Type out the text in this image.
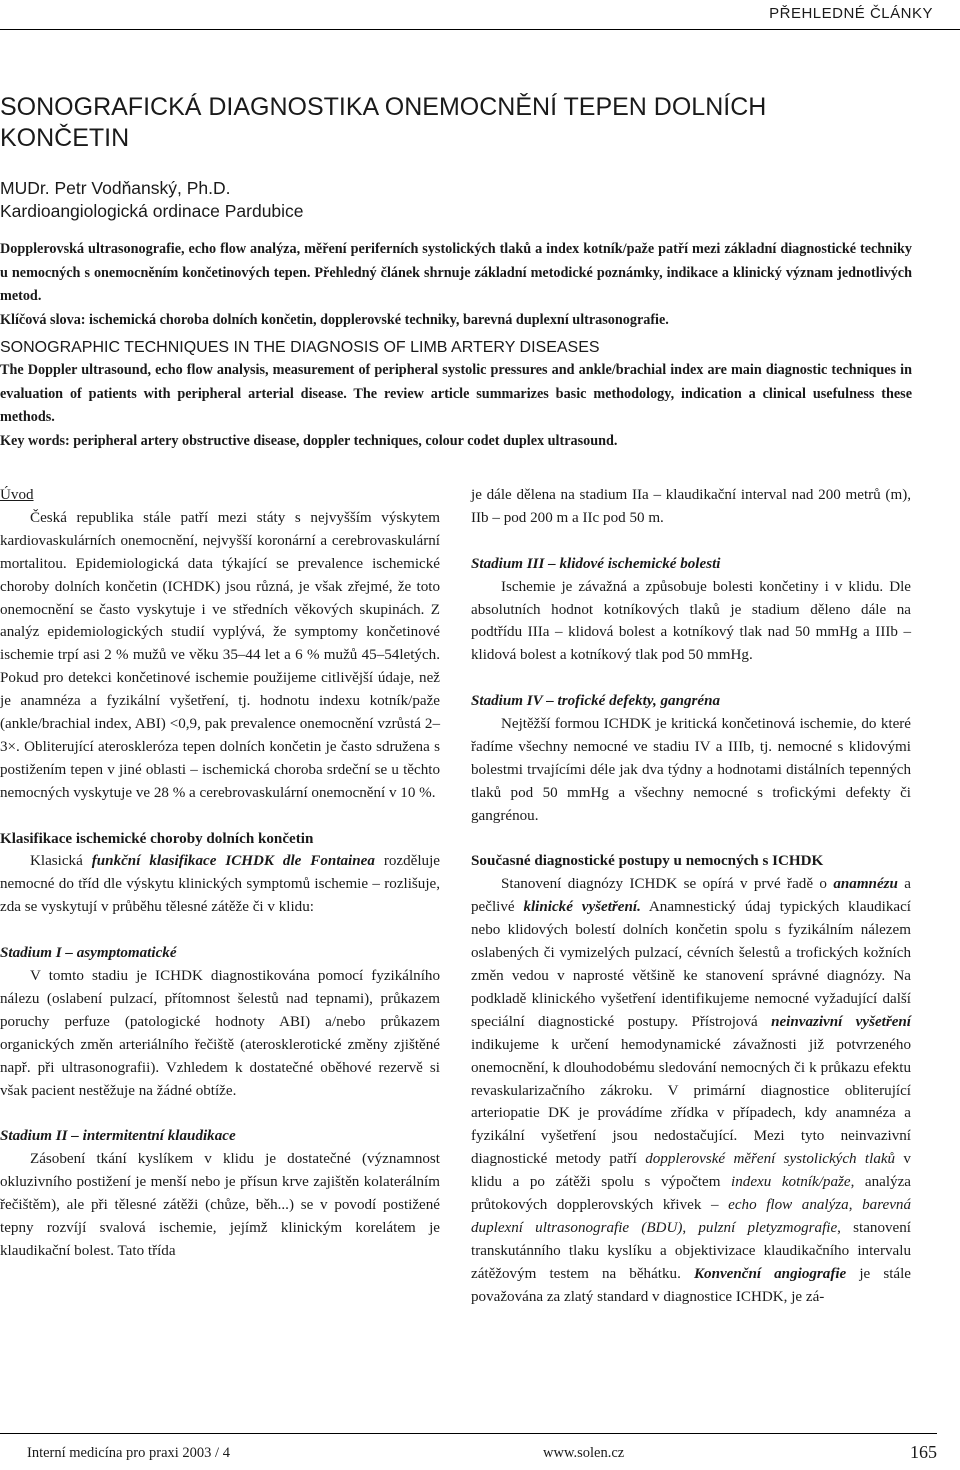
PŘEHLEDNÉ ČLÁNKY
SONOGRAFICKÁ DIAGNOSTIKA ONEMOCNĚNÍ TEPEN DOLNÍCH
KONČETIN
MUDr. Petr Vodňanský, Ph.D.
Kardioangiologická ordinace Pardubice

Dopplerovská ultrasonografie, echo flow analýza, měření periferních systolických tlaků a index kotník/paže patří mezi základní diagnostické techniky u nemocných s onemocněním končetinových tepen. Přehledný článek shrnuje základní metodické poznámky, indikace a klinický význam jednotlivých metod.

Klíčová slova: ischemická choroba dolních končetin, dopplerovské techniky, barevná duplexní ultrasonografie.

SONOGRAPHIC TECHNIQUES IN THE DIAGNOSIS OF LIMB ARTERY DISEASES

The Doppler ultrasound, echo flow analysis, measurement of peripheral systolic pressures and ankle/brachial index are main diagnostic techniques in evaluation of patients with peripheral arterial disease. The review article summarizes basic methodology, indication a clinical usefulness these methods.

Key words: peripheral artery obstructive disease, doppler techniques, colour codet duplex ultrasound.

Úvod

Česká republika stále patří mezi státy s nejvyšším výskytem kardiovaskulárních onemocnění, nejvyšší koronární a cerebrovaskulární mortalitou. Epidemiologická data týkající se prevalence ischemické choroby dolních končetin (ICHDK) jsou různá, je však zřejmé, že toto onemocnění se často vyskytuje i ve středních věkových skupinách. Z analýz epidemiologických studií vyplývá, že symptomy končetinové ischemie trpí asi 2 % mužů ve věku 35–44 let a 6 % mužů 45–54letých. Pokud pro detekci končetinové ischemie použijeme citlivější údaje, než je anamnéza a fyzikální vyšetření, tj. hodnotu indexu kotník/paže (ankle/brachial index, ABI) <0,9, pak prevalence onemocnění vzrůstá 2–3×. Obliterující ateroskleróza tepen dolních končetin je často sdružena s postižením tepen v jiné oblasti – ischemická choroba srdeční se u těchto nemocných vyskytuje ve 28 % a cerebrovaskulární onemocnění v 10 %.

Klasifikace ischemické choroby dolních končetin

Klasická funkční klasifikace ICHDK dle Fontainea rozděluje nemocné do tříd dle výskytu klinických symptomů ischemie – rozlišuje, zda se vyskytují v průběhu tělesné zátěže či v klidu:

Stadium I – asymptomatické

V tomto stadiu je ICHDK diagnostikována pomocí fyzikálního nálezu (oslabení pulzací, přítomnost šelestů nad tepnami), průkazem poruchy perfuze (patologické hodnoty ABI) a/nebo průkazem organických změn arteriálního řečiště (aterosklerotické změny zjištěné např. při ultrasonografii). Vzhledem k dostatečné oběhové rezervě si však pacient nestěžuje na žádné obtíže.

Stadium II – intermitentní klaudikace

Zásobení tkání kyslíkem v klidu je dostatečné (významnost okluzivního postižení je menší nebo je přísun krve zajištěn kolaterálním řečištěm), ale při tělesné zátěži (chůze, běh...) se v povodí postižené tepny rozvíjí svalová ischemie, jejímž klinickým korelátem je klaudikační bolest. Tato třída

je dále dělena na stadium IIa – klaudikační interval nad 200 metrů (m), IIb – pod 200 m a IIc pod 50 m.

Stadium III – klidové ischemické bolesti

Ischemie je závažná a způsobuje bolesti končetiny i v klidu. Dle absolutních hodnot kotníkových tlaků je stadium děleno dále na podtřídu IIIa – klidová bolest a kotníkový tlak nad 50 mmHg a IIIb – klidová bolest a kotníkový tlak pod 50 mmHg.

Stadium IV – trofické defekty, gangréna

Nejtěžší formou ICHDK je kritická končetinová ischemie, do které řadíme všechny nemocné ve stadiu IV a IIIb, tj. nemocné s klidovými bolestmi trvajícími déle jak dva týdny a hodnotami distálních tepenných tlaků pod 50 mmHg a všechny nemocné s trofickými defekty či gangrénou.

Současné diagnostické postupy u nemocných s ICHDK

Stanovení diagnózy ICHDK se opírá v prvé řadě o anamnézu a pečlivé klinické vyšetření. Anamnestický údaj typických klaudikací nebo klidových bolestí dolních končetin spolu s fyzikálním nálezem oslabených či vymizelých pulzací, cévních šelestů a trofických kožních změn vedou v naprosté většině ke stanovení správné diagnózy. Na podkladě klinického vyšetření identifikujeme nemocné vyžadující další speciální diagnostické postupy. Přístrojová neinvazivní vyšetření indikujeme k určení hemodynamické závažnosti již potvrzeného onemocnění, k dlouhodobému sledování nemocných či k průkazu efektu revaskularizačního zákroku. V primární diagnostice obliterující arteriopatie DK je provádíme zřídka v případech, kdy anamnéza a fyzikální vyšetření jsou nedostačující. Mezi tyto neinvazivní diagnostické metody patří dopplerovské měření systolických tlaků v klidu a po zátěži spolu s výpočtem indexu kotník/paže, analýza průtokových dopplerovských křivek – echo flow analýza, barevná duplexní ultrasonografie (BDU), pulzní pletyzmografie, stanovení transkutánního tlaku kyslíku a objektivizace klaudikačního intervalu zátěžovým testem na běhátku. Konvenční angiografie je stále považována za zlatý standard v diagnostice ICHDK, je zá-

Interní medicína pro praxi 2003 / 4	www.solen.cz	165
